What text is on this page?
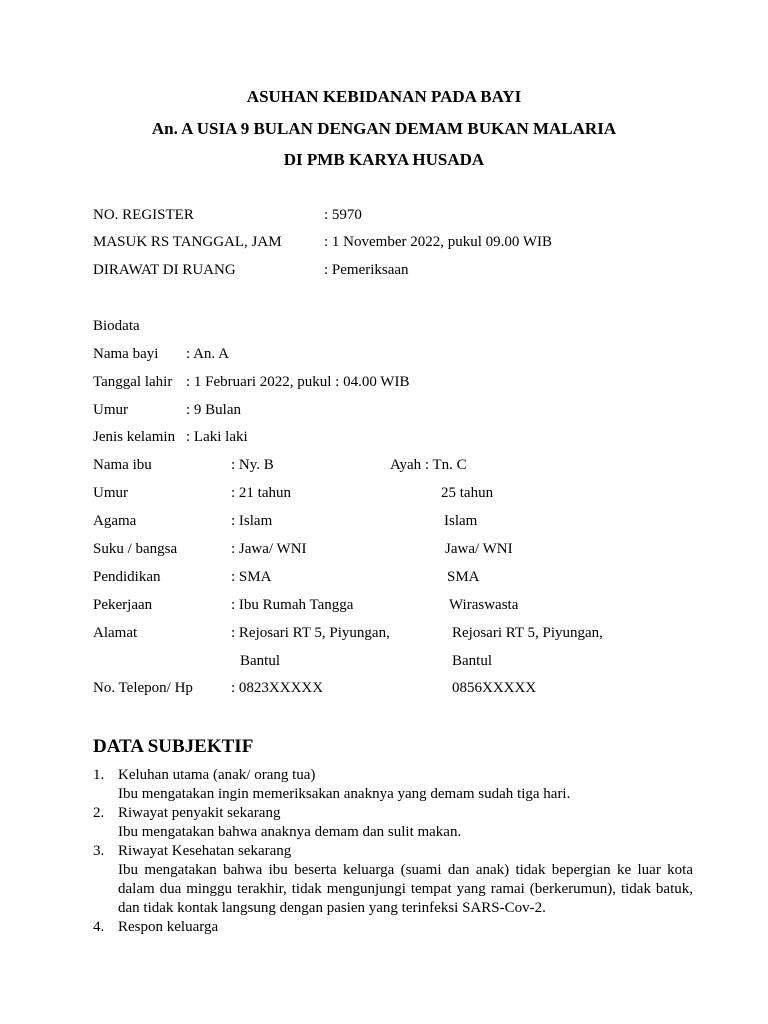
ASUHAN KEBIDANAN PADA BAYI
An. A USIA 9 BULAN DENGAN DEMAM BUKAN MALARIA
DI PMB KARYA HUSADA
NO. REGISTER	: 5970
MASUK RS TANGGAL, JAM	: 1 November 2022, pukul 09.00 WIB
DIRAWAT DI RUANG	: Pemeriksaan
Biodata
Nama bayi : An. A
Tanggal lahir : 1 Februari 2022, pukul : 04.00 WIB
Umur	: 9 Bulan
Jenis kelamin : Laki laki
Nama ibu	: Ny. B	Ayah : Tn. C
Umur	: 21 tahun	25 tahun
Agama	: Islam	Islam
Suku / bangsa	: Jawa/ WNI	Jawa/ WNI
Pendidikan	: SMA	SMA
Pekerjaan	: Ibu Rumah Tangga	Wiraswasta
Alamat	: Rejosari RT 5, Piyungan,	Rejosari RT 5, Piyungan,
Bantul	Bantul
No. Telepon/ Hp	: 0823XXXXX	0856XXXXX
DATA SUBJEKTIF
1. Keluhan utama (anak/ orang tua)
Ibu mengatakan ingin memeriksakan anaknya yang demam sudah tiga hari.
2. Riwayat penyakit sekarang
Ibu mengatakan bahwa anaknya demam dan sulit makan.
3. Riwayat Kesehatan sekarang
Ibu mengatakan bahwa ibu beserta keluarga (suami dan anak) tidak bepergian ke luar kota dalam dua minggu terakhir, tidak mengunjungi tempat yang ramai (berkerumun), tidak batuk, dan tidak kontak langsung dengan pasien yang terinfeksi SARS-Cov-2.
4. Respon keluarga
